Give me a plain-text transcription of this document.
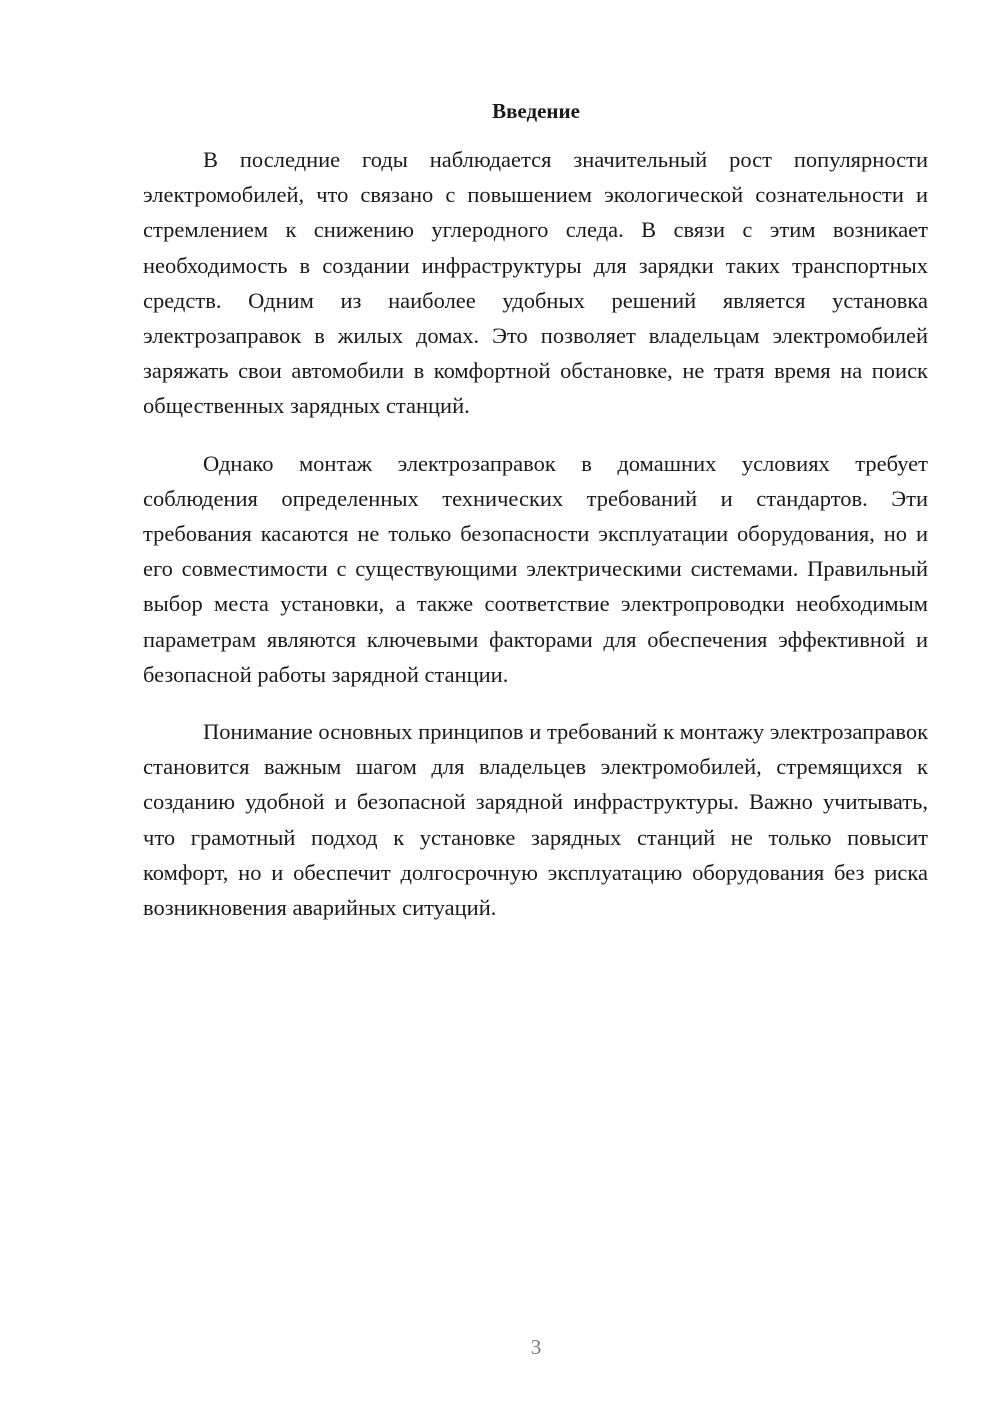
Введение

В последние годы наблюдается значительный рост популярности электромобилей, что связано с повышением экологической сознательности и стремлением к снижению углеродного следа. В связи с этим возникает необходимость в создании инфраструктуры для зарядки таких транспортных средств. Одним из наиболее удобных решений является установка электрозаправок в жилых домах. Это позволяет владельцам электромобилей заряжать свои автомобили в комфортной обстановке, не тратя время на поиск общественных зарядных станций.

Однако монтаж электрозаправок в домашних условиях требует соблюдения определенных технических требований и стандартов. Эти требования касаются не только безопасности эксплуатации оборудования, но и его совместимости с существующими электрическими системами. Правильный выбор места установки, а также соответствие электропроводки необходимым параметрам являются ключевыми факторами для обеспечения эффективной и безопасной работы зарядной станции.

Понимание основных принципов и требований к монтажу электрозаправок становится важным шагом для владельцев электромобилей, стремящихся к созданию удобной и безопасной зарядной инфраструктуры. Важно учитывать, что грамотный подход к установке зарядных станций не только повысит комфорт, но и обеспечит долгосрочную эксплуатацию оборудования без риска возникновения аварийных ситуаций.

3
